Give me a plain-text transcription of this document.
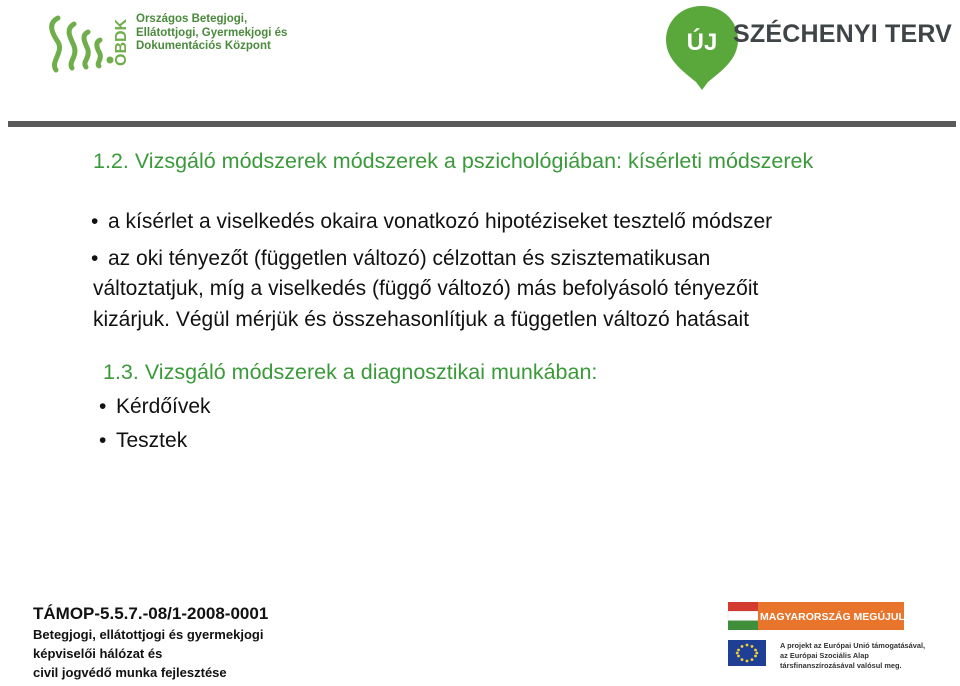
OBDK Országos Betegjogi,
Ellátottjogi, Gyermekjogi és
Dokumentációs Központ	ÚJ SZÉCHENYI TERV
1.2. Vizsgáló módszerek módszerek a pszichológiában: kísérleti módszerek
• a kísérlet a viselkedés okaira vonatkozó hipotéziseket tesztelő módszer
• az oki tényezőt (független változó) célzottan és szisztematikusan
változtatjuk, míg a viselkedés (függő változó) más befolyásoló tényezőit
kizárjuk. Végül mérjük és összehasonlítjuk a független változó hatásait
1.3. Vizsgáló módszerek a diagnosztikai munkában:
• Kérdőívek
• Tesztek
TÁMOP-5.5.7.-08/1-2008-0001
Betegjogi, ellátottjogi és gyermekjogi
képviselői hálózat és
civil jogvédő munka fejlesztése
MAGYARORSZÁG MEGÚJUL
A projekt az Európai Unió támogatásával,
az Európai Szociális Alap
társfinanszírozásával valósul meg.
